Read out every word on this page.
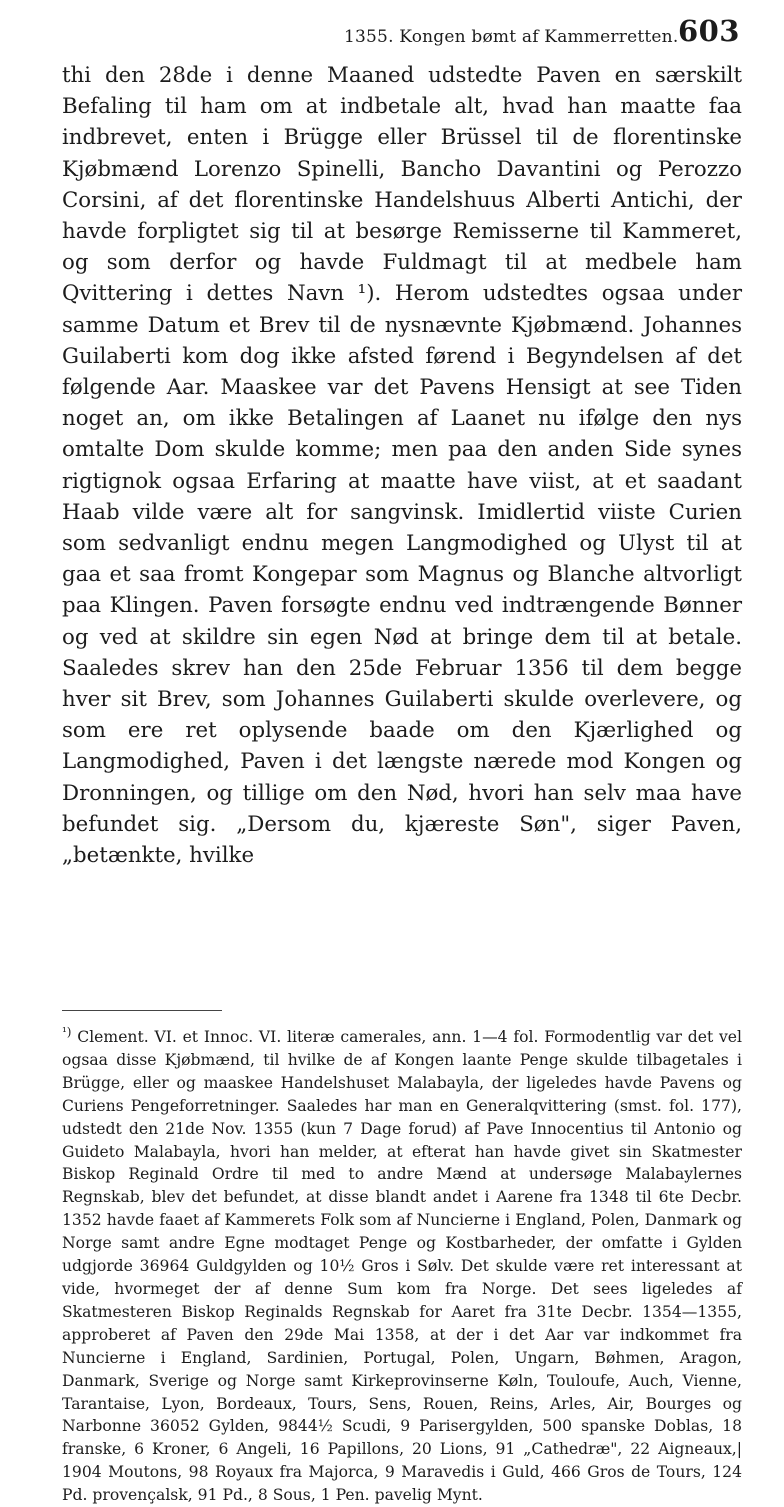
1355. Kongen bømt af Kammerretten. 603

thi den 28de i denne Maaned udstedte Paven en særskilt Befaling til ham om at indbetale alt, hvad han maatte faa indbrevet, enten i Brügge eller Brüssel til de florentinske Kjøbmænd Lorenzo Spinelli, Bancho Davantini og Perozzo Corsini, af det florentinske Handelshuus Alberti Antichi, der havde forpligtet sig til at besørge Remisserne til Kammeret, og som derfor og havde Fuldmagt til at medbele ham Qvittering i dettes Navn ¹). Herom udstedtes ogsaa under samme Datum et Brev til de nysnævnte Kjøbmænd. Johannes Guilaberti kom dog ikke afsted førend i Begyndelsen af det følgende Aar. Maaskee var det Pavens Hensigt at see Tiden noget an, om ikke Betalingen af Laanet nu ifølge den nys omtalte Dom skulde komme; men paa den anden Side synes rigtignok ogsaa Erfaring at maatte have viist, at et saadant Haab vilde være alt for sangvinsk. Imidlertid viiste Curien som sedvanligt endnu megen Langmodighed og Ulyst til at gaa et saa fromt Kongepar som Magnus og Blanche altvorligt paa Klingen. Paven forsøgte endnu ved indtrængende Bønner og ved at skildre sin egen Nød at bringe dem til at betale. Saaledes skrev han den 25de Februar 1356 til dem begge hver sit Brev, som Johannes Guilaberti skulde overlevere, og som ere ret oplysende baade om den Kjærlighed og Langmodighed, Paven i det længste nærede mod Kongen og Dronningen, og tillige om den Nød, hvori han selv maa have befundet sig. „Dersom du, kjæreste Søn", siger Paven, „betænkte, hvilke

$^{^1)}$ Clement. VI. et Innoc. VI. literæ camerales, ann. 1—4 fol. Formodentlig var det vel ogsaa disse Kjøbmænd, til hvilke de af Kongen laante Penge skulde tilbagetales i Brügge, eller og maaskee Handelshuset Malabayla, der ligeledes havde Pavens og Curiens Pengeforretninger. Saaledes har man en Generalqvittering (smst. fol. 177), udstedt den 21de Nov. 1355 (kun 7 Dage forud) af Pave Innocentius til Antonio og Guideto Malabayla, hvori han melder, at efterat han havde givet sin Skatmester Biskop Reginald Ordre til med to andre Mænd at undersøge Malabaylernes Regnskab, blev det befundet, at disse blandt andet i Aarene fra 1348 til 6te Decbr. 1352 havde faaet af Kammerets Folk som af Nuncierne i England, Polen, Danmark og Norge samt andre Egne modtaget Penge og Kostbarheder, der omfatte i Gylden udgjorde 36964 Guldgylden og 10½ Gros i Sølv. Det skulde være ret interessant at vide, hvormeget der af denne Sum kom fra Norge. Det sees ligeledes af Skatmesteren Biskop Reginalds Regnskab for Aaret fra 31te Decbr. 1354—1355, approberet af Paven den 29de Mai 1358, at der i det Aar var indkommet fra Nuncierne i England, Sardinien, Portugal, Polen, Ungarn, Bøhmen, Aragon, Danmark, Sverige og Norge samt Kirkeprovinserne Køln, Touloufe, Auch, Vienne, Tarantaise, Lyon, Bordeaux, Tours, Sens, Rouen, Reins, Arles, Air, Bourges og Narbonne 36052 Gylden, 9844½ Scudi, 9 Parisergylden, 500 spanske Doblas, 18 franske, 6 Kroner, 6 Angeli, 16 Papillons, 20 Lions, 91 „Cathedræ", 22 Aigneaux,| 1904 Moutons, 98 Royaux fra Majorca, 9 Maravedis i Guld, 466 Gros de Tours, 124 Pd. provençalsk, 91 Pd., 8 Sous, 1 Pen. pavelig Mynt.
